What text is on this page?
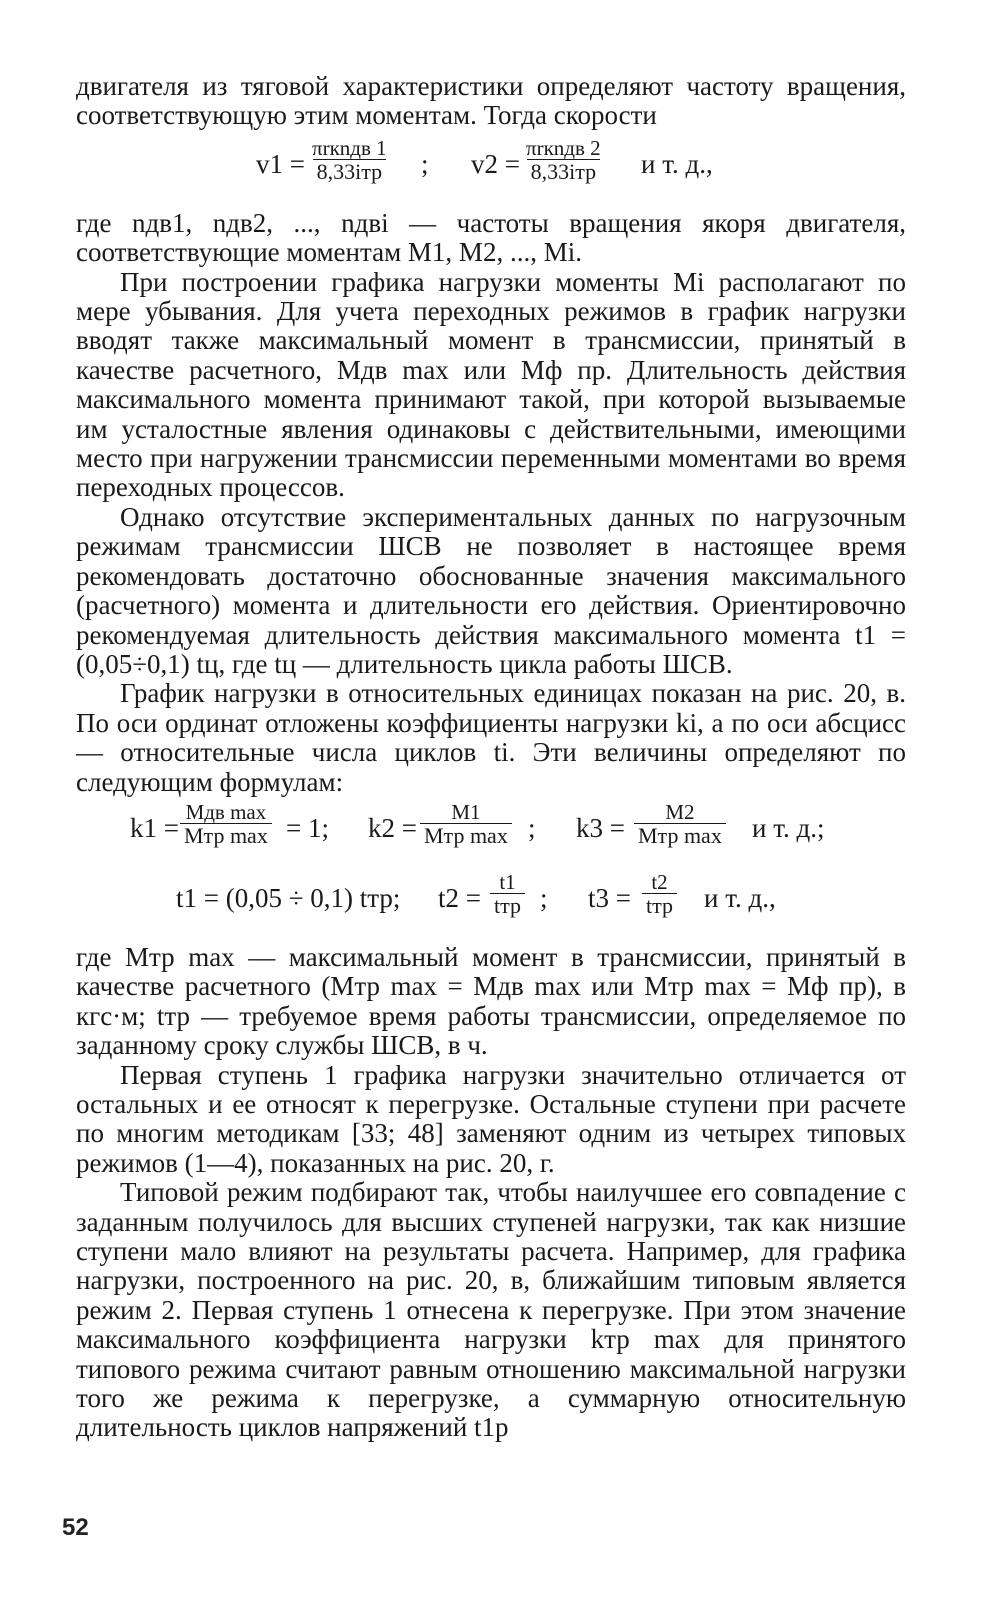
двигателя из тяговой характеристики определяют частоту вращения, соответствующую этим моментам. Тогда скорости

v1 =
πrкnдв 1
8,33iтр ; v2 =
πrкnдв 2
8,33iтр и т. д.,

где nдв1, nдв2, ..., nдвi — частоты вращения якоря двигателя, соответствующие моментам M1, M2, ..., Mi.

При построении графика нагрузки моменты Mi располагают по мере убывания. Для учета переходных режимов в график нагрузки вводят также максимальный момент в трансмиссии, принятый в качестве расчетного, Mдв max или Mф пр. Длительность действия максимального момента принимают такой, при которой вызываемые им усталостные явления одинаковы с действительными, имеющими место при нагружении трансмиссии переменными моментами во время переходных процессов.

Однако отсутствие экспериментальных данных по нагрузочным режимам трансмиссии ШСВ не позволяет в настоящее время рекомендовать достаточно обоснованные значения максимального (расчетного) момента и длительности его действия. Ориентировочно рекомендуемая длительность действия максимального момента t1 = (0,05÷0,1) tц, где tц — длительность цикла работы ШСВ.

График нагрузки в относительных единицах показан на рис. 20, в. По оси ординат отложены коэффициенты нагрузки ki, а по оси абсцисс — относительные числа циклов ti. Эти величины определяют по следующим формулам:

k1 =
Mдв max
Mтр max = 1; k2 =
M1
Mтр max ; k3 =
M2
Mтр max и т. д.;
t1 = (0,05 ÷ 0,1) tтр; t2 =
t1
tтр ; t3 =
t2
tтр и т. д.,

где Mтр max — максимальный момент в трансмиссии, принятый в качестве расчетного (Mтр max = Mдв max или Mтр max = Mф пр), в кгс·м; tтр — требуемое время работы трансмиссии, определяемое по заданному сроку службы ШСВ, в ч.

Первая ступень 1 графика нагрузки значительно отличается от остальных и ее относят к перегрузке. Остальные ступени при расчете по многим методикам [33; 48] заменяют одним из четырех типовых режимов (1—4), показанных на рис. 20, г.

Типовой режим подбирают так, чтобы наилучшее его совпадение с заданным получилось для высших ступеней нагрузки, так как низшие ступени мало влияют на результаты расчета. Например, для графика нагрузки, построенного на рис. 20, в, ближайшим типовым является режим 2. Первая ступень 1 отнесена к перегрузке. При этом значение максимального коэффициента нагрузки kтр max для принятого типового режима считают равным отношению максимальной нагрузки того же режима к перегрузке, а суммарную относительную длительность циклов напряжений t1р

52
